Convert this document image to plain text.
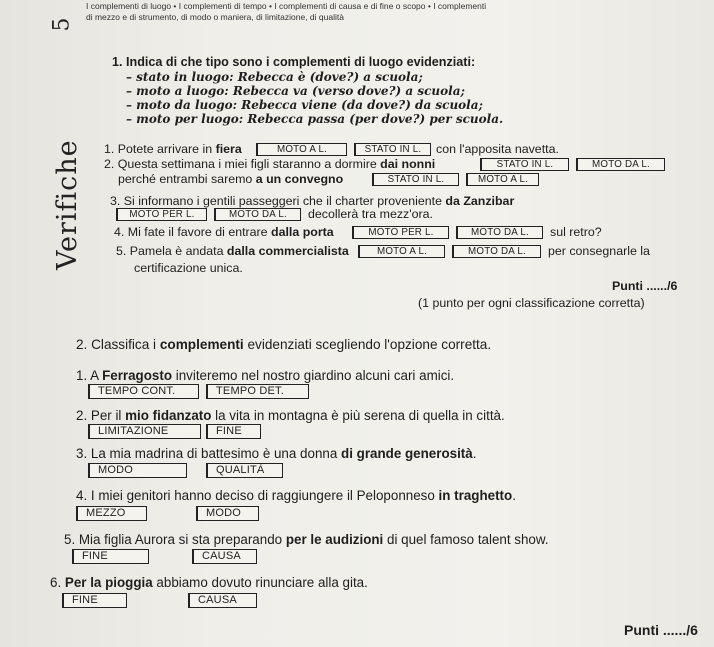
I complementi di luogo • I complementi di tempo • I complementi di causa e di fine o scopo • I complementi
di mezzo e di strumento, di modo o maniera, di limitazione, di qualità
5
Verifiche
1. Indica di che tipo sono i complementi di luogo evidenziati:
– stato in luogo: Rebecca è (dove?) a scuola;
– moto a luogo: Rebecca va (verso dove?) a scuola;
– moto da luogo: Rebecca viene (da dove?) da scuola;
– moto per luogo: Rebecca passa (per dove?) per scuola.
1. Potete arrivare in fiera	MOTO A L.	STATO IN L.	con l'apposita navetta.
2. Questa settimana i miei figli staranno a dormire dai nonni	STATO IN L.	MOTO DA L.
perché entrambi saremo a un convegno	STATO IN L.	MOTO A L.
3. Si informano i gentili passeggeri che il charter proveniente da Zanzibar
MOTO PER L.	MOTO DA L.	decollerà tra mezz'ora.
4. Mi fate il favore di entrare dalla porta	MOTO PER L.	MOTO DA L.	sul retro?
5. Pamela è andata dalla commercialista	MOTO A L.	MOTO DA L.	per consegnarle la
certificazione unica.
Punti ....../6
(1 punto per ogni classificazione corretta)
2. Classifica i complementi evidenziati scegliendo l'opzione corretta.
1. A Ferragosto inviteremo nel nostro giardino alcuni cari amici.
TEMPO CONT.	TEMPO DET.
2. Per il mio fidanzato la vita in montagna è più serena di quella in città.
LIMITAZIONE	FINE
3. La mia madrina di battesimo è una donna di grande generosità.
MODO	QUALITÀ
4. I miei genitori hanno deciso di raggiungere il Peloponneso in traghetto.
MEZZO	MODO
5. Mia figlia Aurora si sta preparando per le audizioni di quel famoso talent show.
FINE	CAUSA
6. Per la pioggia abbiamo dovuto rinunciare alla gita.
FINE	CAUSA
Punti ....../6
